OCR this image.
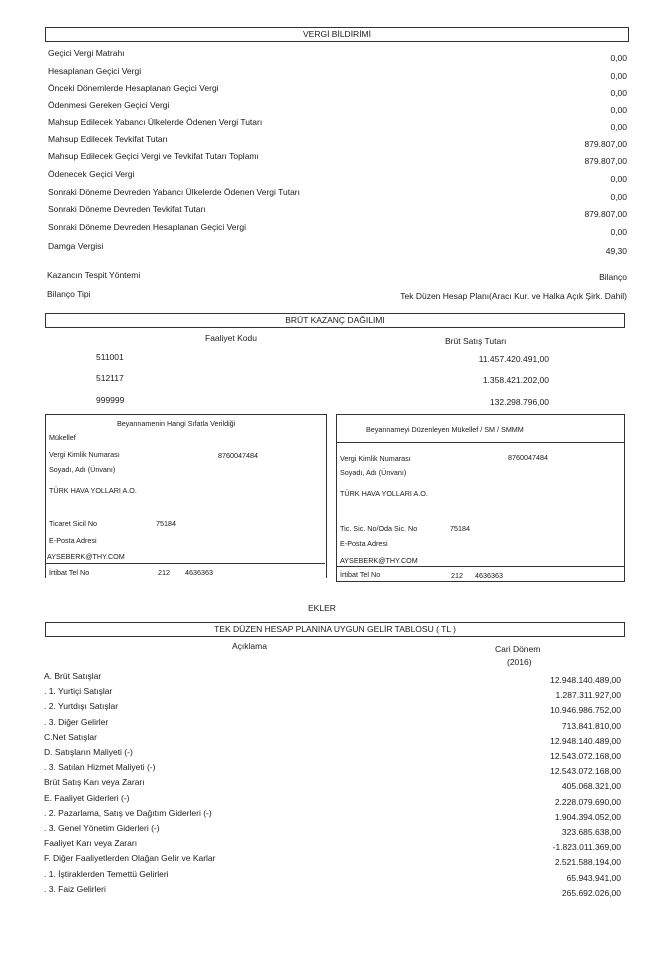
VERGİ BİLDİRİMİ
Geçici Vergi Matrahı	0,00
Hesaplanan Geçici Vergi	0,00
Önceki Dönemlerde Hesaplanan Geçici Vergi	0,00
Ödenmesi Gereken Geçici Vergi	0,00
Mahsup Edilecek Yabancı Ülkelerde Ödenen Vergi Tutarı	0,00
Mahsup Edilecek Tevkifat Tutarı	879.807,00
Mahsup Edilecek Geçici Vergi ve Tevkifat Tutarı Toplamı	879.807,00
Ödenecek Geçici Vergi	0,00
Sonraki Döneme Devreden Yabancı Ülkelerde Ödenen Vergi Tutarı	0,00
Sonraki Döneme Devreden Tevkifat Tutarı	879.807,00
Sonraki Döneme Devreden Hesaplanan Geçici Vergi	0,00
Damga Vergisi	49,30
Kazancın Tespit Yöntemi	Bilanço
Bilanço Tipi	Tek Düzen Hesap Planı(Aracı Kur. ve Halka Açık Şirk. Dahil)
BRÜT KAZANÇ DAĞILIMI
Faaliyet Kodu	Brüt Satış Tutarı
511001	11.457.420.491,00
512117	1.358.421.202,00
999999	132.298.796,00
Beyannamenin Hangi Sıfatla Verildiği
Mükellef
Vergi Kimlik Numarası	8760047484
Soyadı, Adı (Ünvanı)
TÜRK HAVA YOLLARI A.O.
Ticaret Sicil No	75184
E-Posta Adresi
AYSEBERK@THY.COM
İrtibat Tel No	212 4636363
Beyannameyi Düzenleyen Mükellef / SM / SMMM
Vergi Kimlik Numarası	8760047484
Soyadı, Adı (Ünvanı)
TÜRK HAVA YOLLARI A.O.
Tic. Sic. No/Oda Sic. No	75184
E-Posta Adresi
AYSEBERK@THY.COM
İrtibat Tel No	212 4636363
EKLER
TEK DÜZEN HESAP PLANINA UYGUN GELİR TABLOSU ( TL )
Açıklama	Cari Dönem
(2016)
A. Brüt Satışlar	12.948.140.489,00
. 1. Yurtiçi Satışlar	1.287.311.927,00
. 2. Yurtdışı Satışlar	10.946.986.752,00
. 3. Diğer Gelirler	713.841.810,00
C.Net Satışlar	12.948.140.489,00
D. Satışların Maliyeti (-)	12.543.072.168,00
. 3. Satılan Hizmet Maliyeti (-)	12.543.072.168,00
Brüt Satış Karı veya Zararı	405.068.321,00
E. Faaliyet Giderleri (-)	2.228.079.690,00
. 2. Pazarlama, Satış ve Dağıtım Giderleri (-)	1.904.394.052,00
. 3. Genel Yönetim Giderleri (-)	323.685.638,00
Faaliyet Karı veya Zararı	-1.823.011.369,00
F. Diğer Faaliyetlerden Olağan Gelir ve Karlar	2.521.588.194,00
. 1. İştiraklerden Temettü Gelirleri	65.943.941,00
. 3. Faiz Gelirleri	265.692.026,00
